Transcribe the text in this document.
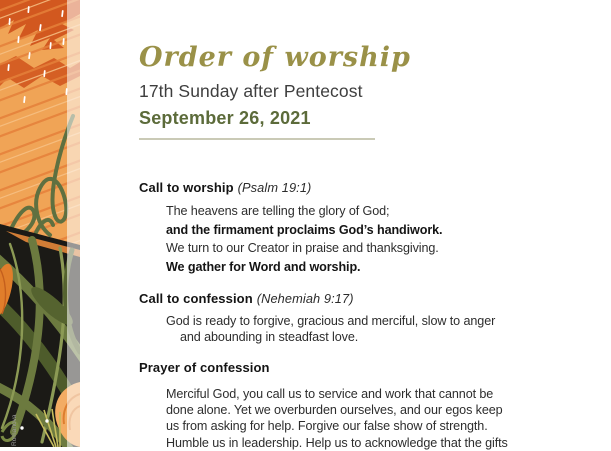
Romanova
Order of worship
17th Sunday after Pentecost
September 26, 2021
Call to worship (Psalm 19:1)
The heavens are telling the glory of God;
and the firmament proclaims God’s handiwork.
We turn to our Creator in praise and thanksgiving.
We gather for Word and worship.
Call to confession (Nehemiah 9:17)
God is ready to forgive, gracious and merciful, slow to anger
and abounding in steadfast love.
Prayer of confession
Merciful God, you call us to service and work that cannot be
done alone. Yet we overburden ourselves, and our egos keep
us from asking for help. Forgive our false show of strength.
Humble us in leadership. Help us to acknowledge that the gifts
